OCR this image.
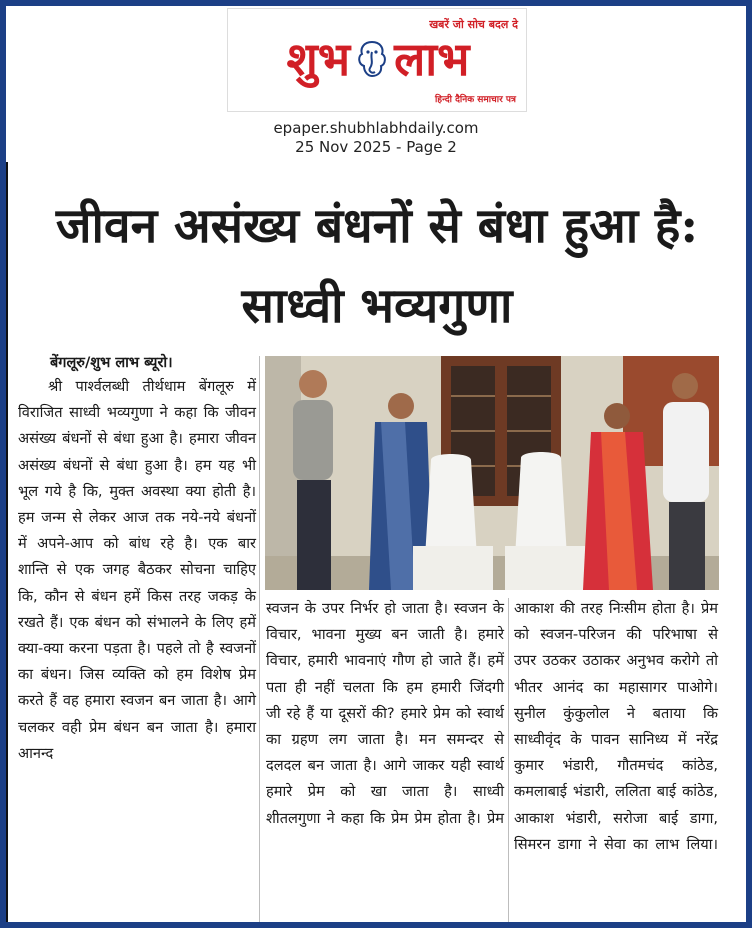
खबरें जो सोच बदल दे
शुभ लाभ
हिन्दी दैनिक समाचार पत्र
epaper.shubhlabhdaily.com
25 Nov 2025 - Page 2
जीवन असंख्य बंधनों से बंधा हुआ है: साध्वी भव्यगुणा
बेंगलूरु/शुभ लाभ ब्यूरो।
श्री पार्श्वलब्धी तीर्थधाम बेंगलूरु में विराजित साध्वी भव्यगुणा ने कहा कि जीवन असंख्य बंधनों से बंधा हुआ है। हमारा जीवन असंख्य बंधनों से बंधा हुआ है। हम यह भी भूल गये है कि, मुक्त अवस्था क्या होती है। हम जन्म से लेकर आज तक नये-नये बंधनों में अपने-आप को बांध रहे है। एक बार शान्ति से एक जगह बैठकर सोचना चाहिए कि, कौन से बंधन हमें किस तरह जकड़ के रखते हैं। एक बंधन को संभालने के लिए हमें क्या-क्या करना पड़ता है। पहले तो है स्वजनों का बंधन। जिस व्यक्ति को हम विशेष प्रेम करते हैं वह हमारा स्वजन बन जाता है। आगे चलकर वही प्रेम बंधन बन जाता है। हमारा आनन्द
स्वजन के उपर निर्भर हो जाता है। स्वजन के विचार, भावना मुख्य बन जाती है। हमारे विचार, हमारी भावनाएं गौण हो जाते हैं। हमें पता ही नहीं चलता कि हम हमारी जिंदगी जी रहे हैं या दूसरों की? हमारे प्रेम को स्वार्थ का ग्रहण लग जाता है। मन समन्दर से दलदल बन जाता है। आगे जाकर यही स्वार्थ हमारे प्रेम को खा जाता है। साध्वी शीतलगुणा ने कहा कि प्रेम प्रेम होता है। प्रेम
आकाश की तरह निःसीम होता है। प्रेम को स्वजन-परिजन की परिभाषा से उपर उठकर उठाकर अनुभव करोगे तो भीतर आनंद का महासागर पाओगे। सुनील कुंकुलोल ने बताया कि साध्वीवृंद के पावन सानिध्य में नरेंद्र कुमार भंडारी, गौतमचंद कांठेड, कमलाबाई भंडारी, ललिता बाई कांठेड, आकाश भंडारी, सरोजा बाई डागा, सिमरन डागा ने सेवा का लाभ लिया।
